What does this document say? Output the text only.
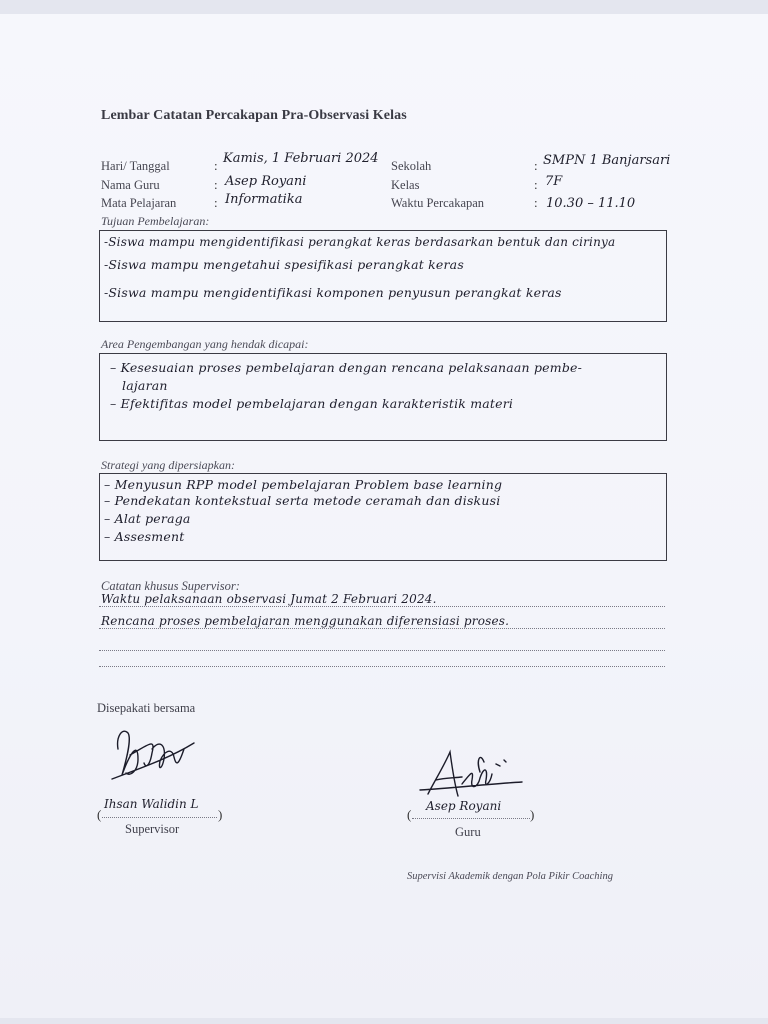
Lembar Catatan Percakapan Pra-Observasi Kelas
Hari/ Tanggal	: Kamis, 1 Februari 2024
Nama Guru	: Asep Royani
Mata Pelajaran	: Informatika
Sekolah	: SMPN 1 Banjarsari
Kelas	: 7F
Waktu Percakapan	: 10.30 – 11.10
Tujuan Pembelajaran:
-Siswa mampu mengidentifikasi perangkat keras berdasarkan bentuk dan cirinya
-Siswa mampu mengetahui spesifikasi perangkat keras
-Siswa mampu mengidentifikasi komponen penyusun perangkat keras
Area Pengembangan yang hendak dicapai:
– Kesesuaian proses pembelajaran dengan rencana pelaksanaan pembe-
lajaran
– Efektifitas model pembelajaran dengan karakteristik materi
Strategi yang dipersiapkan:
– Menyusun RPP model pembelajaran Problem base learning
– Pendekatan kontekstual serta metode ceramah dan diskusi
– Alat peraga
– Assesment
Catatan khusus Supervisor:
Waktu pelaksanaan observasi Jumat 2 Februari 2024.
Rencana proses pembelajaran menggunakan diferensiasi proses.
Disepakati bersama
(
Ihsan Walidin L
)
Supervisor
(
Asep Royani
)
Guru
Supervisi Akademik dengan Pola Pikir Coaching
